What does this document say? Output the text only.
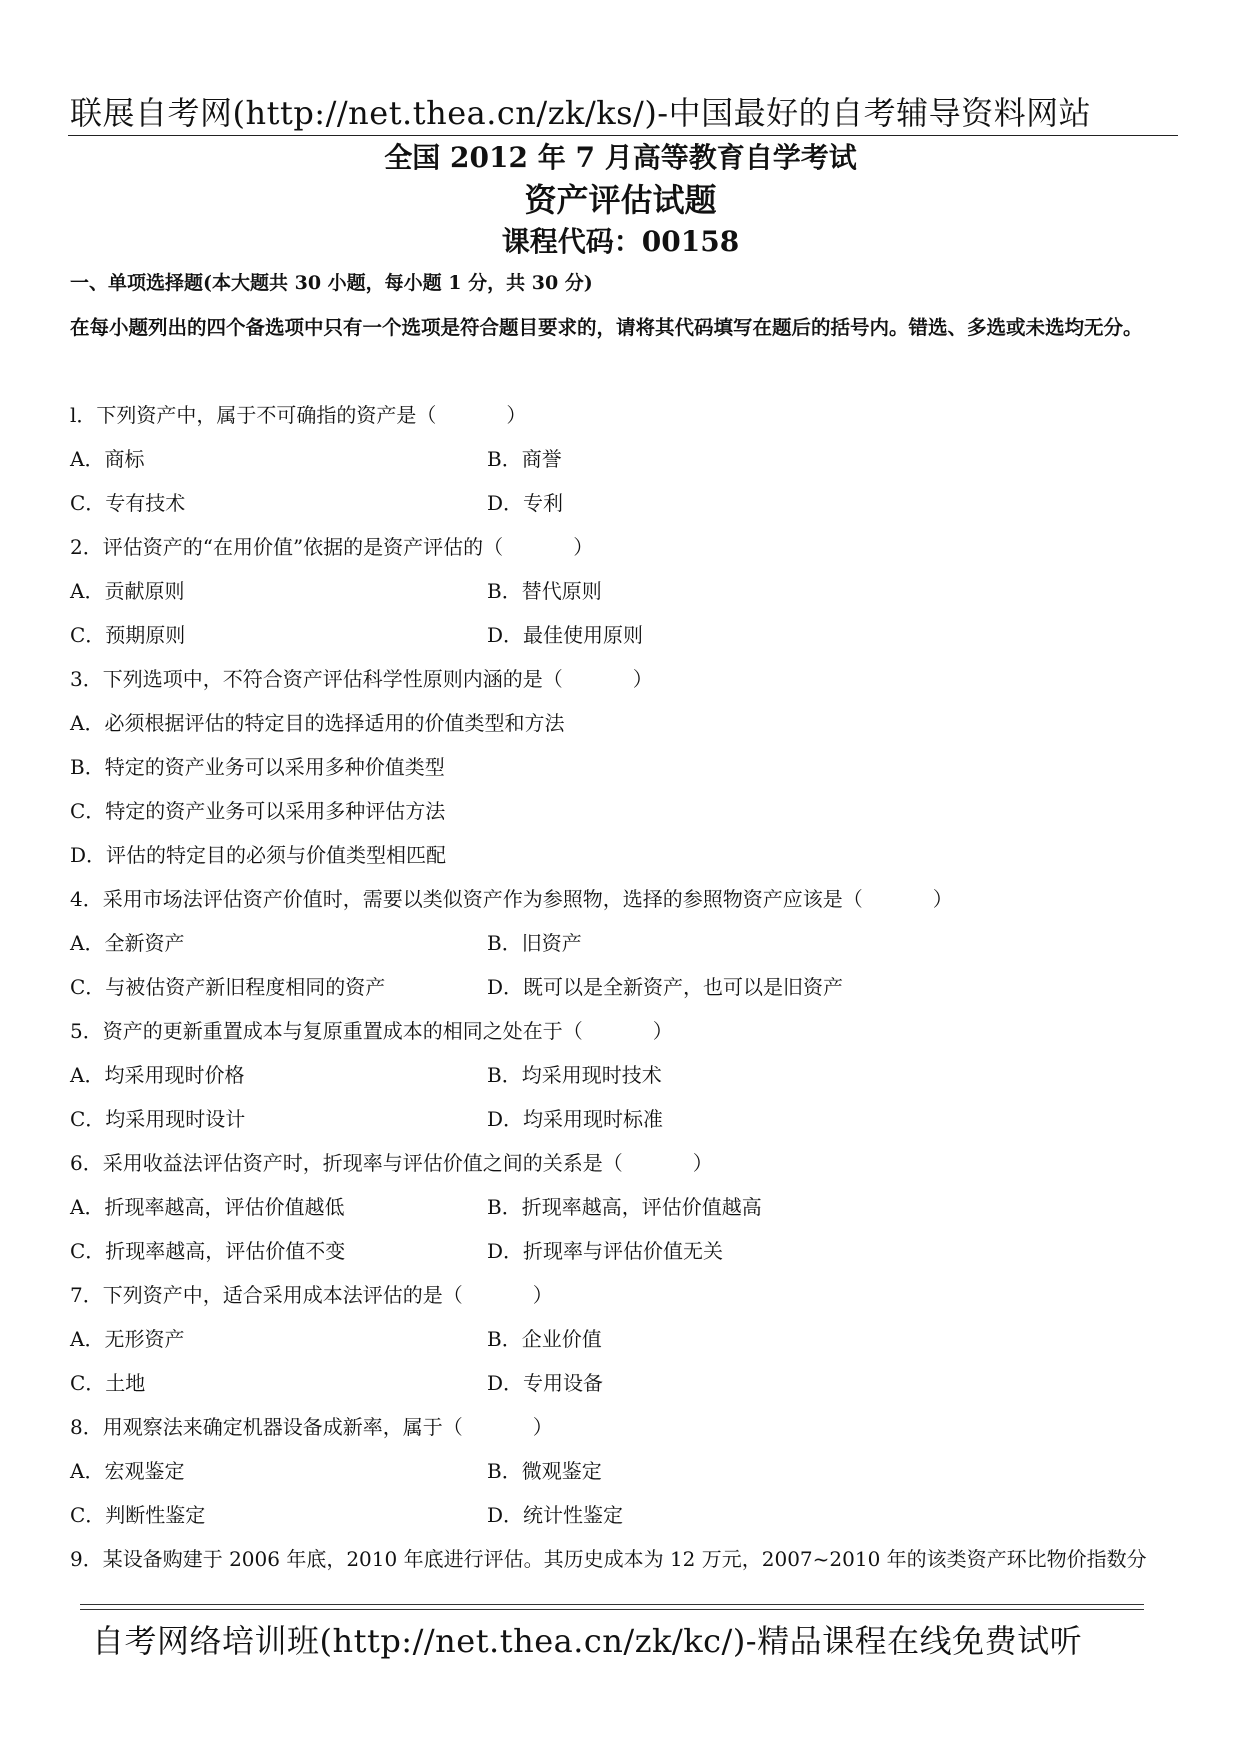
联展自考网(http://net.thea.cn/zk/ks/)-中国最好的自考辅导资料网站
全国 2012 年 7 月高等教育自学考试
资产评估试题
课程代码：00158
一、单项选择题(本大题共 30 小题，每小题 1 分，共 30 分)
在每小题列出的四个备选项中只有一个选项是符合题目要求的，请将其代码填写在题后的括号内。错选、多选或未选均无分。
l．下列资产中，属于不可确指的资产是（	）
A．商标	B．商誉
C．专有技术	D．专利
2．评估资产的“在用价值”依据的是资产评估的（	）
A．贡献原则	B．替代原则
C．预期原则	D．最佳使用原则
3．下列选项中，不符合资产评估科学性原则内涵的是（	）
A．必须根据评估的特定目的选择适用的价值类型和方法
B．特定的资产业务可以采用多种价值类型
C．特定的资产业务可以采用多种评估方法
D．评估的特定目的必须与价值类型相匹配
4．采用市场法评估资产价值时，需要以类似资产作为参照物，选择的参照物资产应该是（	）
A．全新资产	B．旧资产
C．与被估资产新旧程度相同的资产	D．既可以是全新资产，也可以是旧资产
5．资产的更新重置成本与复原重置成本的相同之处在于（	）
A．均采用现时价格	B．均采用现时技术
C．均采用现时设计	D．均采用现时标准
6．采用收益法评估资产时，折现率与评估价值之间的关系是（	）
A．折现率越高，评估价值越低	B．折现率越高，评估价值越高
C．折现率越高，评估价值不变	D．折现率与评估价值无关
7．下列资产中，适合采用成本法评估的是（	）
A．无形资产	B．企业价值
C．土地	D．专用设备
8．用观察法来确定机器设备成新率，属于（	）
A．宏观鉴定	B．微观鉴定
C．判断性鉴定	D．统计性鉴定
9．某设备购建于 2006 年底，2010 年底进行评估。其历史成本为 12 万元，2007~2010 年的该类资产环比物价指数分
自考网络培训班(http://net.thea.cn/zk/kc/)-精品课程在线免费试听
